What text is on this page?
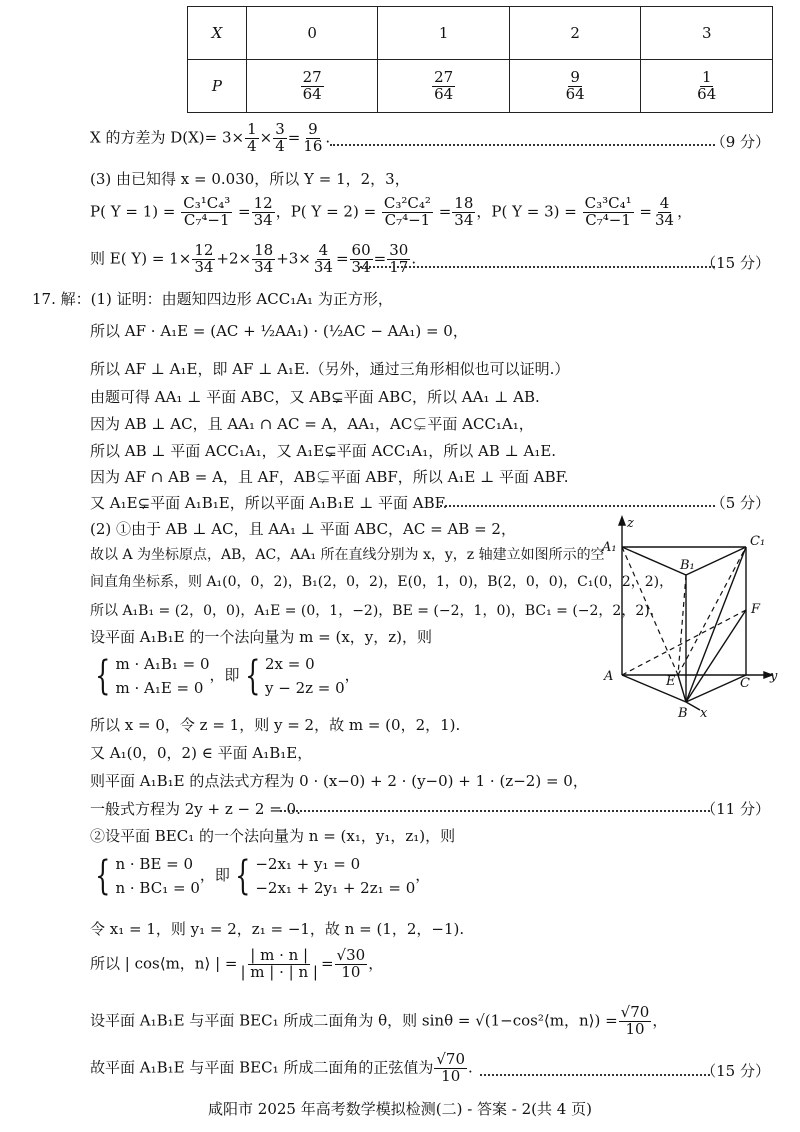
X	0	1	2	3
P	$\frac{27}{64}$	$\frac{27}{64}$	$\frac{9}{64}$	$\frac{1}{64}$
X 的方差为 $D(X)= 3\times \frac{1}{4} \times \frac{3}{4} = \frac{9}{16}$ .	（9 分）
(3) 由已知得 x = 0.030，所以 Y = 1，2，3，
P( $Y = 1) = \frac{\text{C₃¹C₄³}}{\text{C₇⁴−1}} = \frac{12}{34}$ ，P( $Y = 2) = \frac{\text{C₃²C₄²}}{\text{C₇⁴−1}} = \frac{18}{34}$ ，P( $Y = 3) = \frac{\text{C₃³C₄¹}}{\text{C₇⁴−1}} = \frac{4}{34}$ ，
则 E( $Y) = 1\times \frac{12}{34} +2\times \frac{18}{34} +3\times \frac{4}{34} = \frac{60}{34} = \frac{30}{17}$ .	（15 分）
17. 解：(1) 证明：由题知四边形 ACC₁A₁ 为正方形，
所以 AF · A₁E = (AC + ½AA₁) · (½AC − AA₁) = 0，
所以 AF ⊥ A₁E，即 AF ⊥ A₁E.（另外，通过三角形相似也可以证明.）
由题可得 AA₁ ⊥ 平面 ABC，又 AB⊊平面 ABC，所以 AA₁ ⊥ AB.
因为 AB ⊥ AC，且 AA₁ ∩ AC = A，AA₁，AC⊊平面 ACC₁A₁，
所以 AB ⊥ 平面 ACC₁A₁，又 A₁E⊊平面 ACC₁A₁，所以 AB ⊥ A₁E.
因为 AF ∩ AB = A，且 AF，AB⊊平面 ABF，所以 A₁E ⊥ 平面 ABF.
又 A₁E⊊平面 A₁B₁E，所以平面 A₁B₁E ⊥ 平面 ABF.	（5 分）
(2) ①由于 AB ⊥ AC，且 AA₁ ⊥ 平面 ABC，AC = AB = 2，
故以 A 为坐标原点，AB，AC，AA₁ 所在直线分别为 x，y，z 轴建立如图所示的空
间直角坐标系，则 A₁(0，0，2)，B₁(2，0，2)，E(0，1，0)，B(2，0，0)，C₁(0，2，2)，
所以 A₁B₁ = (2，0，0)，A₁E = (0，1，−2)，BE = (−2，1，0)，BC₁ = (−2，2，2).
设平面 A₁B₁E 的一个法向量为 m = (x，y，z)，则
{ m · A₁B₁ = 0
m · A₁E = 0
，即 { 2x = 0
y − 2z = 0
，
所以 x = 0，令 z = 1，则 y = 2，故 m = (0，2，1).
又 A₁(0，0，2) ∈ 平面 A₁B₁E，
则平面 A₁B₁E 的点法式方程为 0 · (x−0) + 2 · (y−0) + 1 · (z−2) = 0，
一般式方程为 2y + z − 2 = 0.	（11 分）
②设平面 BEC₁ 的一个法向量为 n = (x₁，y₁，z₁)，则
{ n · BE = 0
n · BC₁ = 0
，即 { −2x₁ + y₁ = 0
−2x₁ + 2y₁ + 2z₁ = 0
，
令 x₁ = 1，则 y₁ = 2，z₁ = −1，故 n = (1，2，−1).
所以 | cos⟨m，n⟩ | = $\frac{| m \cdot n |}{| m | \cdot | n |} = \frac{√30}{10}$ ，
设平面 A₁B₁E 与平面 BEC₁ 所成二面角为 θ，则 sinθ = √(1−cos²⟨m，n⟩) = $\frac{√70}{10}$ ，
故平面 A₁B₁E 与平面 BEC₁ 所成二面角的正弦值为 $\frac{√70}{10}$ .	（15 分）
z
A₁
B₁
C₁
F
A	E	C y
B x
咸阳市 2025 年高考数学模拟检测(二) - 答案 - 2(共 4 页)
